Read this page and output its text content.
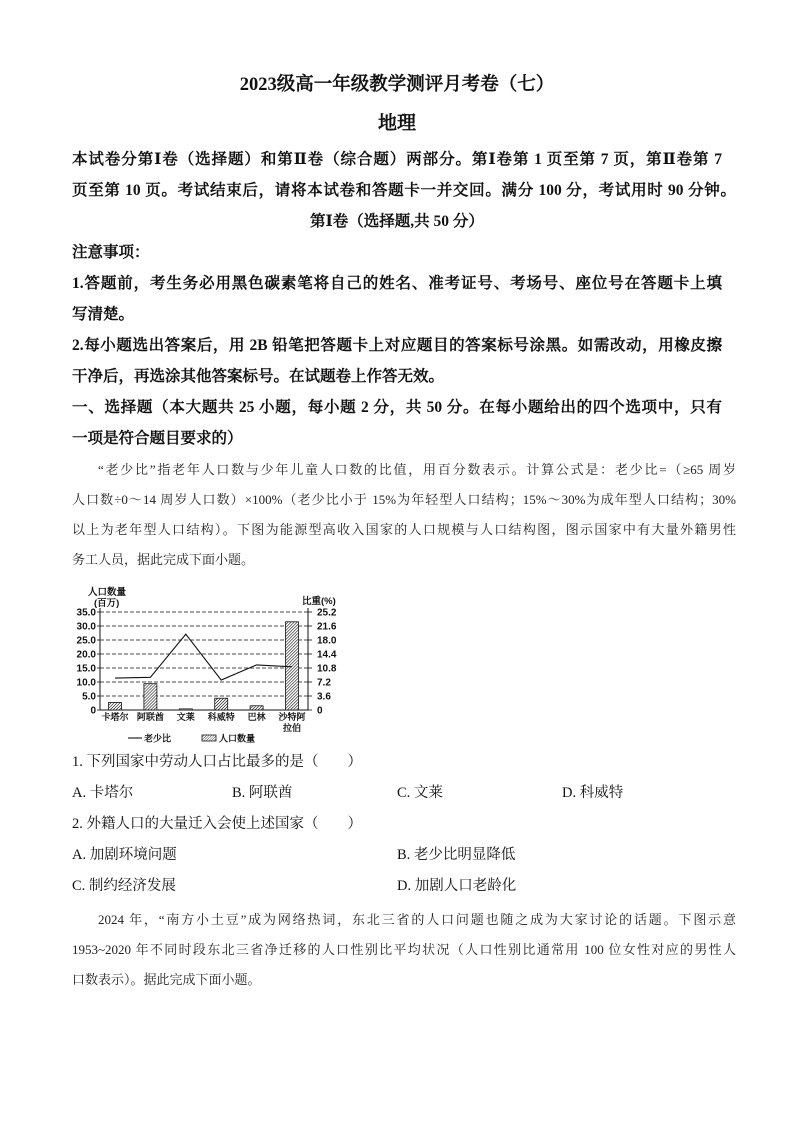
2023级高一年级教学测评月考卷（七）
地理
本试卷分第Ⅰ卷（选择题）和第Ⅱ卷（综合题）两部分。第Ⅰ卷第 1 页至第 7 页，第Ⅱ卷第 7
页至第 10 页。考试结束后，请将本试卷和答题卡一并交回。满分 100 分，考试用时 90 分钟。
第Ⅰ卷（选择题,共 50 分）
注意事项：
1.答题前，考生务必用黑色碳素笔将自己的姓名、准考证号、考场号、座位号在答题卡上填
写清楚。
2.每小题选出答案后，用 2B 铅笔把答题卡上对应题目的答案标号涂黑。如需改动，用橡皮擦
干净后，再选涂其他答案标号。在试题卷上作答无效。
一、选择题（本大题共 25 小题，每小题 2 分，共 50 分。在每小题给出的四个选项中，只有
一项是符合题目要求的）
“老少比”指老年人口数与少年儿童人口数的比值，用百分数表示。计算公式是：老少比=（≥65 周岁
人口数÷0～14 周岁人口数）×100%（老少比小于 15%为年轻型人口结构；15%～30%为成年型人口结构；30%
以上为老年型人口结构）。下图为能源型高收入国家的人口规模与人口结构图，图示国家中有大量外籍男性
务工人员，据此完成下面小题。
0	0
5.0	3.6
10.0	7.2
15.0	10.8
20.0	14.4
25.0	18.0
30.0	21.6
35.0	25.2
人口数量
(百万)	比重(%)
卡塔尔 阿联酋 文莱 科威特 巴林 沙特阿
拉伯
老少比	人口数量
1. 下列国家中劳动人口占比最多的是（　　）
A. 卡塔尔	B. 阿联酋	C. 文莱	D. 科威特
2. 外籍人口的大量迁入会使上述国家（　　）
A. 加剧环境问题	B. 老少比明显降低
C. 制约经济发展	D. 加剧人口老龄化
2024 年，“南方小土豆”成为网络热词，东北三省的人口问题也随之成为大家讨论的话题。下图示意
1953~2020 年不同时段东北三省净迁移的人口性别比平均状况（人口性别比通常用 100 位女性对应的男性人
口数表示）。据此完成下面小题。
